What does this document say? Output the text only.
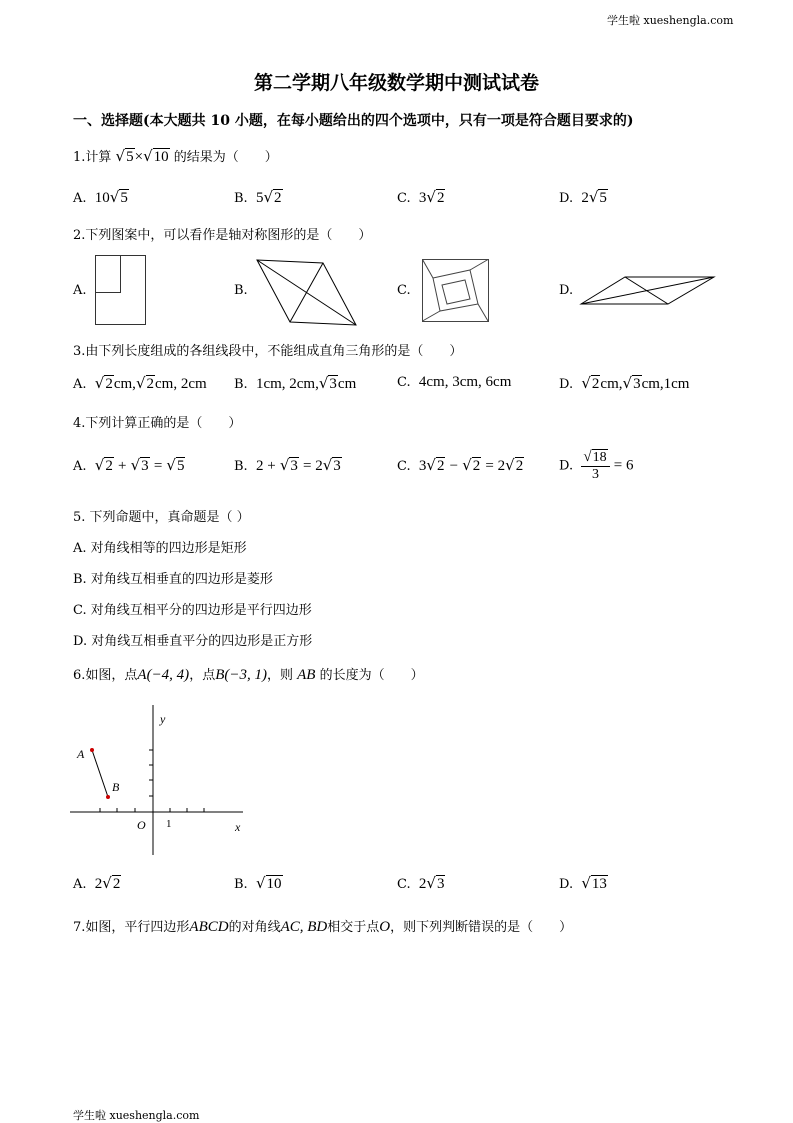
学生啦 xueshengla.com
学生啦 xueshengla.com
第二学期八年级数学期中测试试卷
一、选择题(本大题共 10 小题，在每小题给出的四个选项中，只有一项是符合题目要求的)
1.计算 √5×√10 的结果为（　　）
A. 10√5	B. 5√2	C. 3√2	D. 2√5
2.下列图案中，可以看作是轴对称图形的是（　　）
A.	B.	C.	D.
3.由下列长度组成的各组线段中，不能组成直角三角形的是（　　）
A. √2cm,√2cm, 2cm B. 1cm, 2cm,√3cm	C. 4cm, 3cm, 6cm	D. √2cm,√3cm,1cm
4.下列计算正确的是（　　）
A. √2 + √3 = √5	B. 2 + √3 = 2√3	C. 3√2 − √2 = 2√2	D. $\frac{√18}{3} = 6$
5. 下列命题中，真命题是（ ）
A. 对角线相等的四边形是矩形
B. 对角线互相垂直的四边形是菱形
C. 对角线互相平分的四边形是平行四边形
D. 对角线互相垂直平分的四边形是正方形
6.如图，点A(−4, 4)，点B(−3, 1)，则 AB 的长度为（　　）
y
x
O 1
A
B
A. 2√2	B. √10	C. 2√3	D. √13
7.如图，平行四边形ABCD的对角线AC, BD相交于点O，则下列判断错误的是（　　）
